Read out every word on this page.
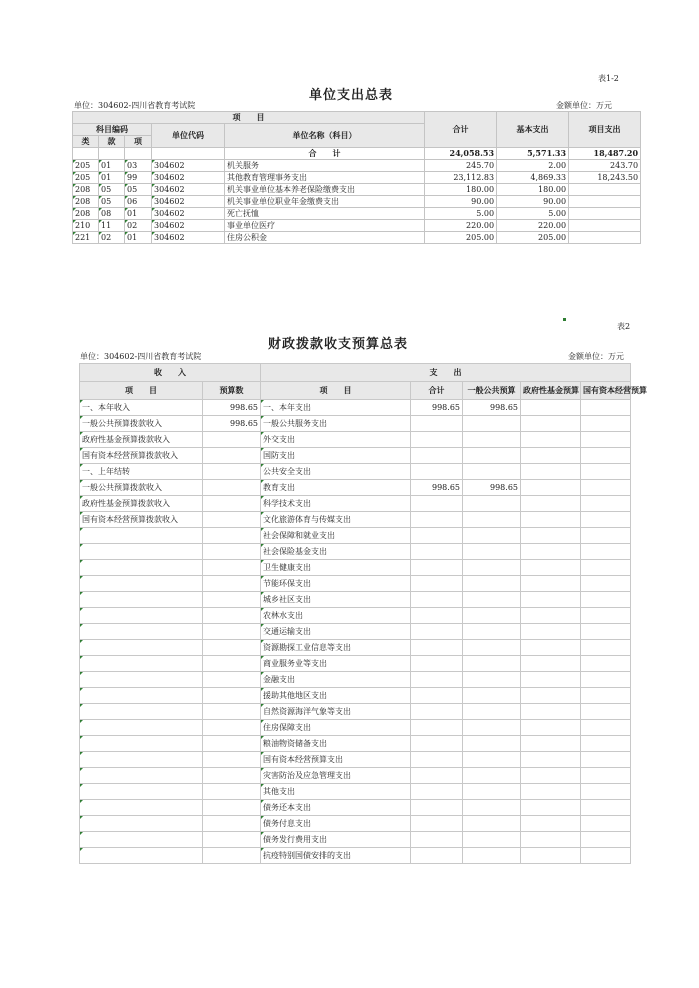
表1-2
单位支出总表
单位：304602-四川省教育考试院	金额单位：万元
项　　目					合计	基本支出	项目支出
科目编码			单位代码	单位名称（科目）			
类	款	项					
				合　　计	24,058.53	5,571.33	18,487.20
205	01	03	304602	机关服务	245.70	2.00	243.70
205	01	99	304602	其他教育管理事务支出	23,112.83	4,869.33	18,243.50
208	05	05	304602	机关事业单位基本养老保险缴费支出	180.00	180.00	
208	05	06	304602	机关事业单位职业年金缴费支出	90.00	90.00	
208	08	01	304602	死亡抚恤	5.00	5.00	
210	11	02	304602	事业单位医疗	220.00	220.00	
221	02	01	304602	住房公积金	205.00	205.00	
表2
财政拨款收支预算总表
单位：304602-四川省教育考试院	金额单位：万元
收　　入		支　　出				
项　　目	预算数	项　　目	合计	一般公共预算	政府性基金预算	国有资本经营预算
一、本年收入	998.65	一、本年支出	998.65	998.65		
一般公共预算拨款收入	998.65	一般公共服务支出				
政府性基金预算拨款收入		外交支出				
国有资本经营预算拨款收入		国防支出				
一、上年结转		公共安全支出				
一般公共预算拨款收入		教育支出	998.65	998.65		
政府性基金预算拨款收入		科学技术支出				
国有资本经营预算拨款收入		文化旅游体育与传媒支出				
		社会保障和就业支出				
		社会保险基金支出				
		卫生健康支出				
		节能环保支出				
		城乡社区支出				
		农林水支出				
		交通运输支出				
		资源勘探工业信息等支出				
		商业服务业等支出				
		金融支出				
		援助其他地区支出				
		自然资源海洋气象等支出				
		住房保障支出				
		粮油物资储备支出				
		国有资本经营预算支出				
		灾害防治及应急管理支出				
		其他支出				
		债务还本支出				
		债务付息支出				
		债务发行费用支出				
		抗疫特别国债安排的支出				
